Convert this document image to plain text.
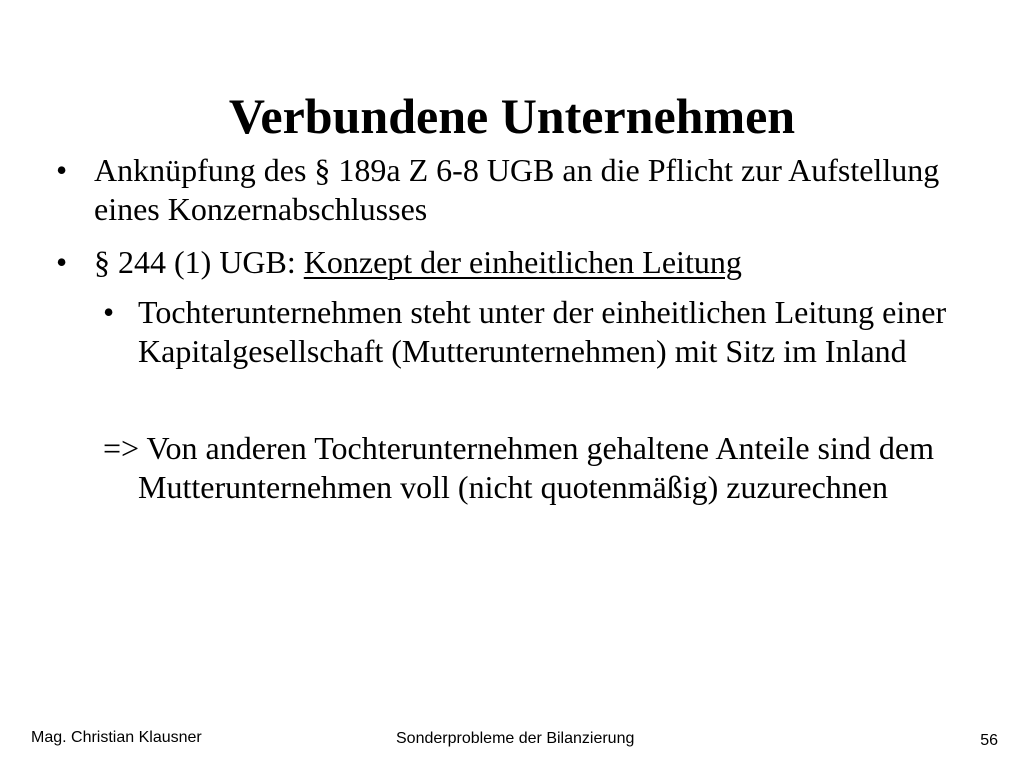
Verbundene Unternehmen
• Anknüpfung des § 189a Z 6-8 UGB an die Pflicht zur Aufstellung eines Konzernabschlusses
• § 244 (1) UGB: Konzept der einheitlichen Leitung
• Tochterunternehmen steht unter der einheitlichen Leitung einer Kapitalgesellschaft (Mutterunternehmen) mit Sitz im Inland
=> Von anderen Tochterunternehmen gehaltene Anteile sind dem Mutterunternehmen voll (nicht quotenmäßig) zuzurechnen
Mag. Christian Klausner	Sonderprobleme der Bilanzierung	56
